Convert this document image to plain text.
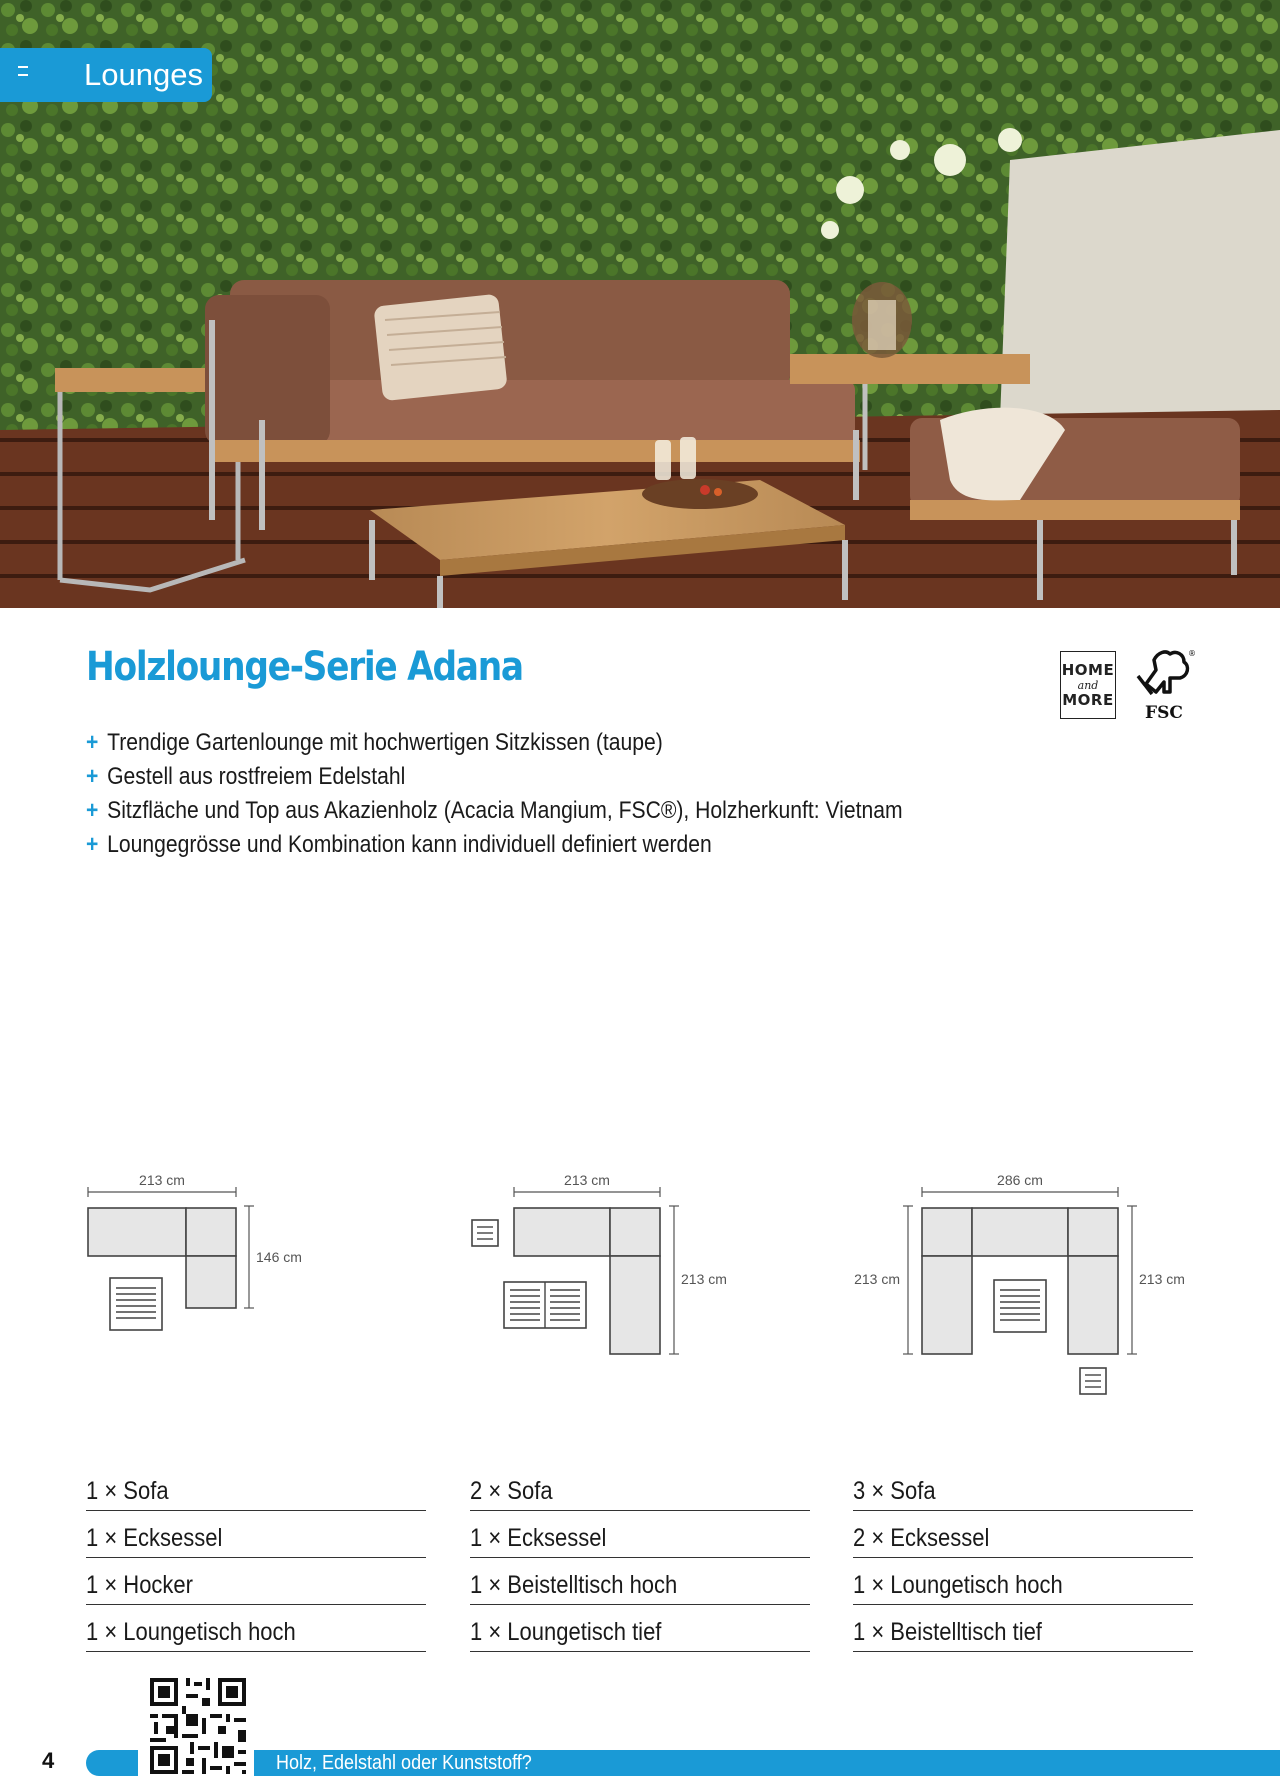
Lounges
Holzlounge-Serie Adana	HOME
and
MORE
FSC
®
+ Trendige Gartenlounge mit hochwertigen Sitzkissen (taupe)
+ Gestell aus rostfreiem Edelstahl
+ Sitzfläche und Top aus Akazienholz (Acacia Mangium, FSC®), Holzherkunft: Vietnam
+ Loungegrösse und Kombination kann individuell definiert werden
213 cm
146 cm
213 cm
213 cm
286 cm
213 cm	213 cm
1 × Sofa
1 × Ecksessel
1 × Hocker
1 × Loungetisch hoch
2 × Sofa
1 × Ecksessel
1 × Beistelltisch hoch
1 × Loungetisch tief
3 × Sofa
2 × Ecksessel
1 × Loungetisch hoch
1 × Beistelltisch tief
4	Holz, Edelstahl oder Kunststoff?
